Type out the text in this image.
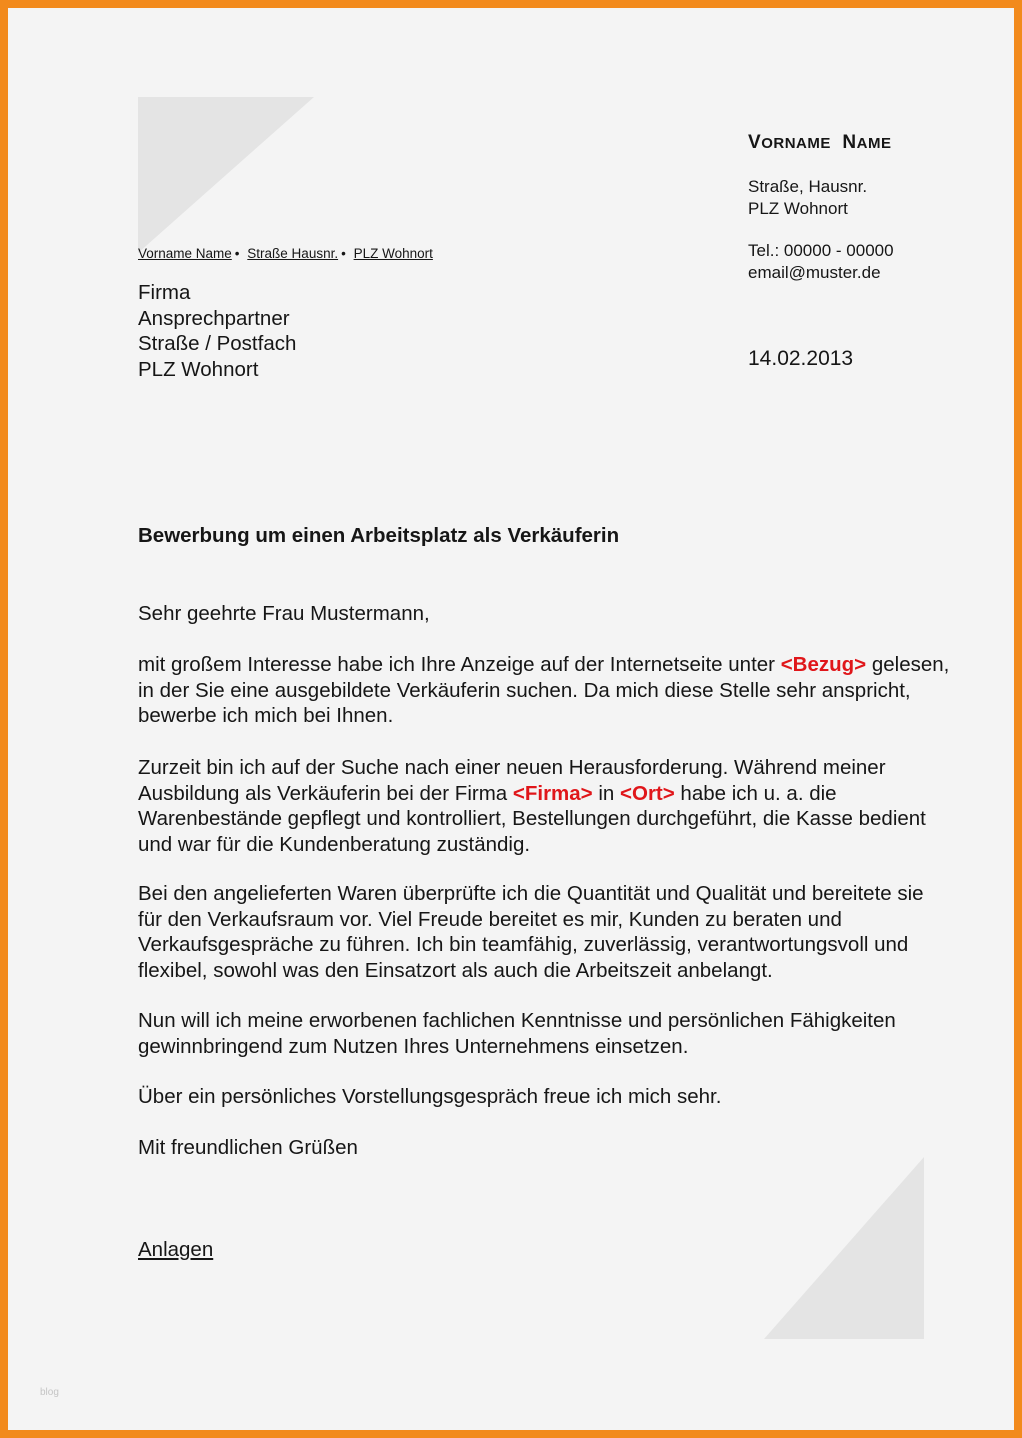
VORNAME NAME
Straße, Hausnr.
PLZ Wohnort
Tel.: 00000 - 00000
email@muster.de
14.02.2013
Vorname Name • Straße Hausnr. • PLZ Wohnort
Firma
Ansprechpartner
Straße / Postfach
PLZ Wohnort
Bewerbung um einen Arbeitsplatz als Verkäuferin
Sehr geehrte Frau Mustermann,
mit großem Interesse habe ich Ihre Anzeige auf der Internetseite unter <Bezug> gelesen, in der Sie eine ausgebildete Verkäuferin suchen. Da mich diese Stelle sehr anspricht, bewerbe ich mich bei Ihnen.
Zurzeit bin ich auf der Suche nach einer neuen Herausforderung. Während meiner Ausbildung als Verkäuferin bei der Firma <Firma> in <Ort> habe ich u. a. die Warenbestände gepflegt und kontrolliert, Bestellungen durchgeführt, die Kasse bedient und war für die Kundenberatung zuständig.
Bei den angelieferten Waren überprüfte ich die Quantität und Qualität und bereitete sie für den Verkaufsraum vor. Viel Freude bereitet es mir, Kunden zu beraten und Verkaufsgespräche zu führen. Ich bin teamfähig, zuverlässig, verantwortungsvoll und flexibel, sowohl was den Einsatzort als auch die Arbeitszeit anbelangt.
Nun will ich meine erworbenen fachlichen Kenntnisse und persönlichen Fähigkeiten gewinnbringend zum Nutzen Ihres Unternehmens einsetzen.
Über ein persönliches Vorstellungsgespräch freue ich mich sehr.
Mit freundlichen Grüßen
Anlagen
blog
